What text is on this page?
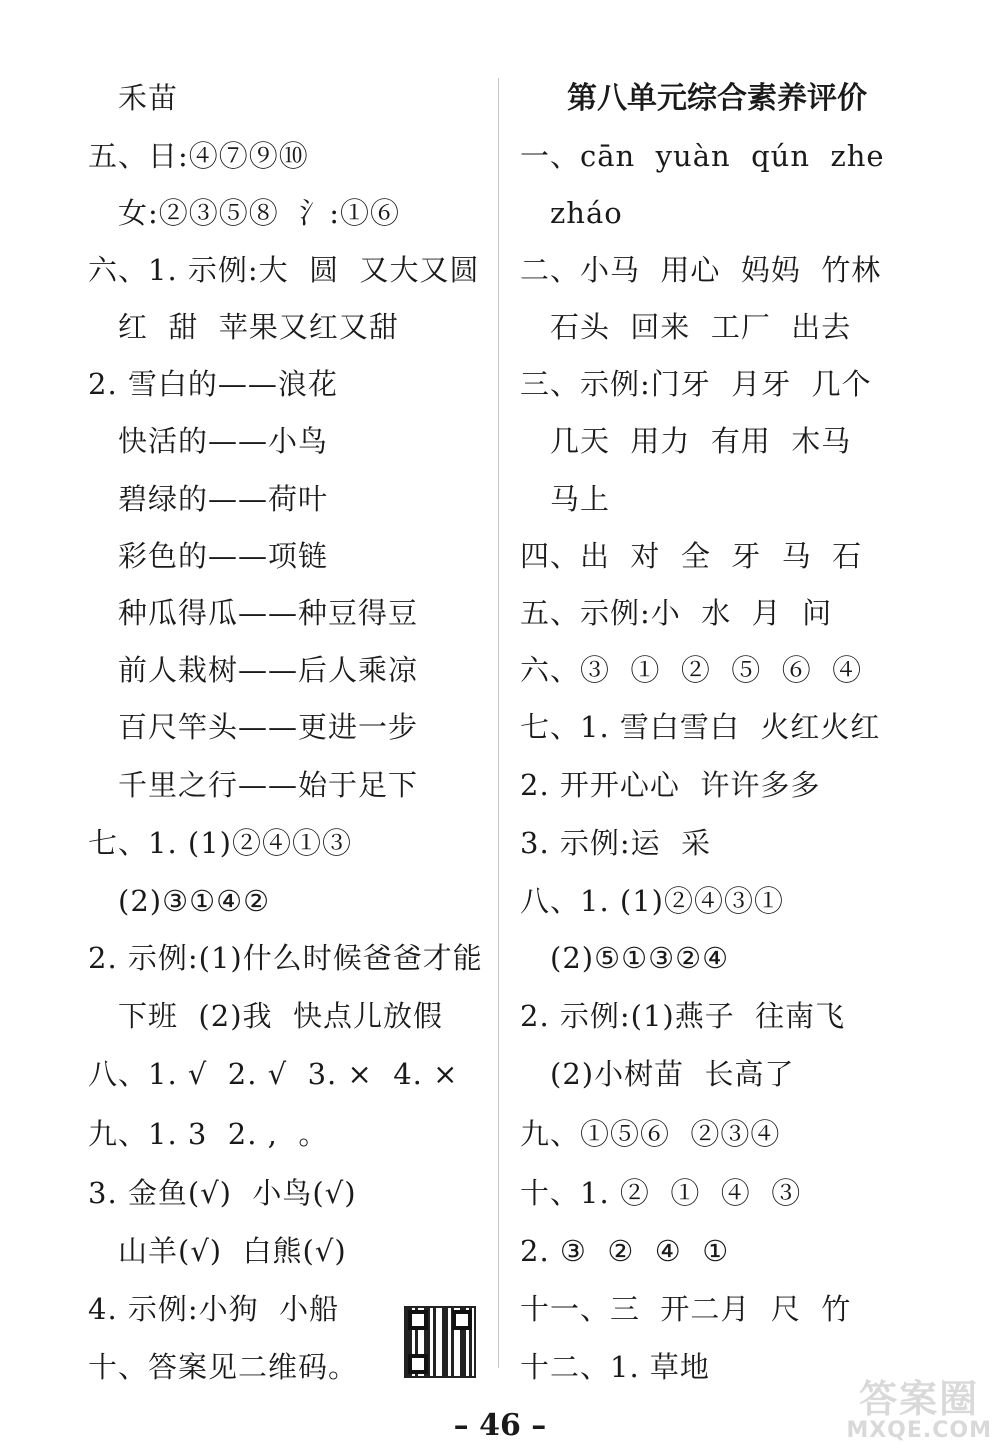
禾苗
五、日:④⑦⑨⑩
女:②③⑤⑧  氵:①⑥
六、1. 示例:大  圆  又大又圆
红  甜  苹果又红又甜
2. 雪白的——浪花
快活的——小鸟
碧绿的——荷叶
彩色的——项链
种瓜得瓜——种豆得豆
前人栽树——后人乘凉
百尺竿头——更进一步
千里之行——始于足下
七、1. (1)②④①③
(2)③①④②
2. 示例:(1)什么时候爸爸才能
下班  (2)我  快点儿放假
八、1. √  2. √  3. ×  4. ×
九、1. 3  2. ,  。
3. 金鱼(√)  小鸟(√)
山羊(√)  白熊(√)
4. 示例:小狗  小船
十、答案见二维码。
第八单元综合素养评价
一、cān  yuàn  qún  zhe
zháo
二、小马  用心  妈妈  竹林
石头  回来  工厂  出去
三、示例:门牙  月牙  几个
几天  用力  有用  木马
马上
四、出  对  全  牙  马  石
五、示例:小  水  月  问
六、③  ①  ②  ⑤  ⑥  ④
七、1. 雪白雪白  火红火红
2. 开开心心  许许多多
3. 示例:运  采
八、1. (1)②④③①
(2)⑤①③②④
2. 示例:(1)燕子  往南飞
(2)小树苗  长高了
九、①⑤⑥  ②③④
十、1. ②  ①  ④  ③
2. ③  ②  ④  ①
十一、三  开二月  尺  竹
十二、1. 草地
– 46 –
答案圈
MXQE.COM
